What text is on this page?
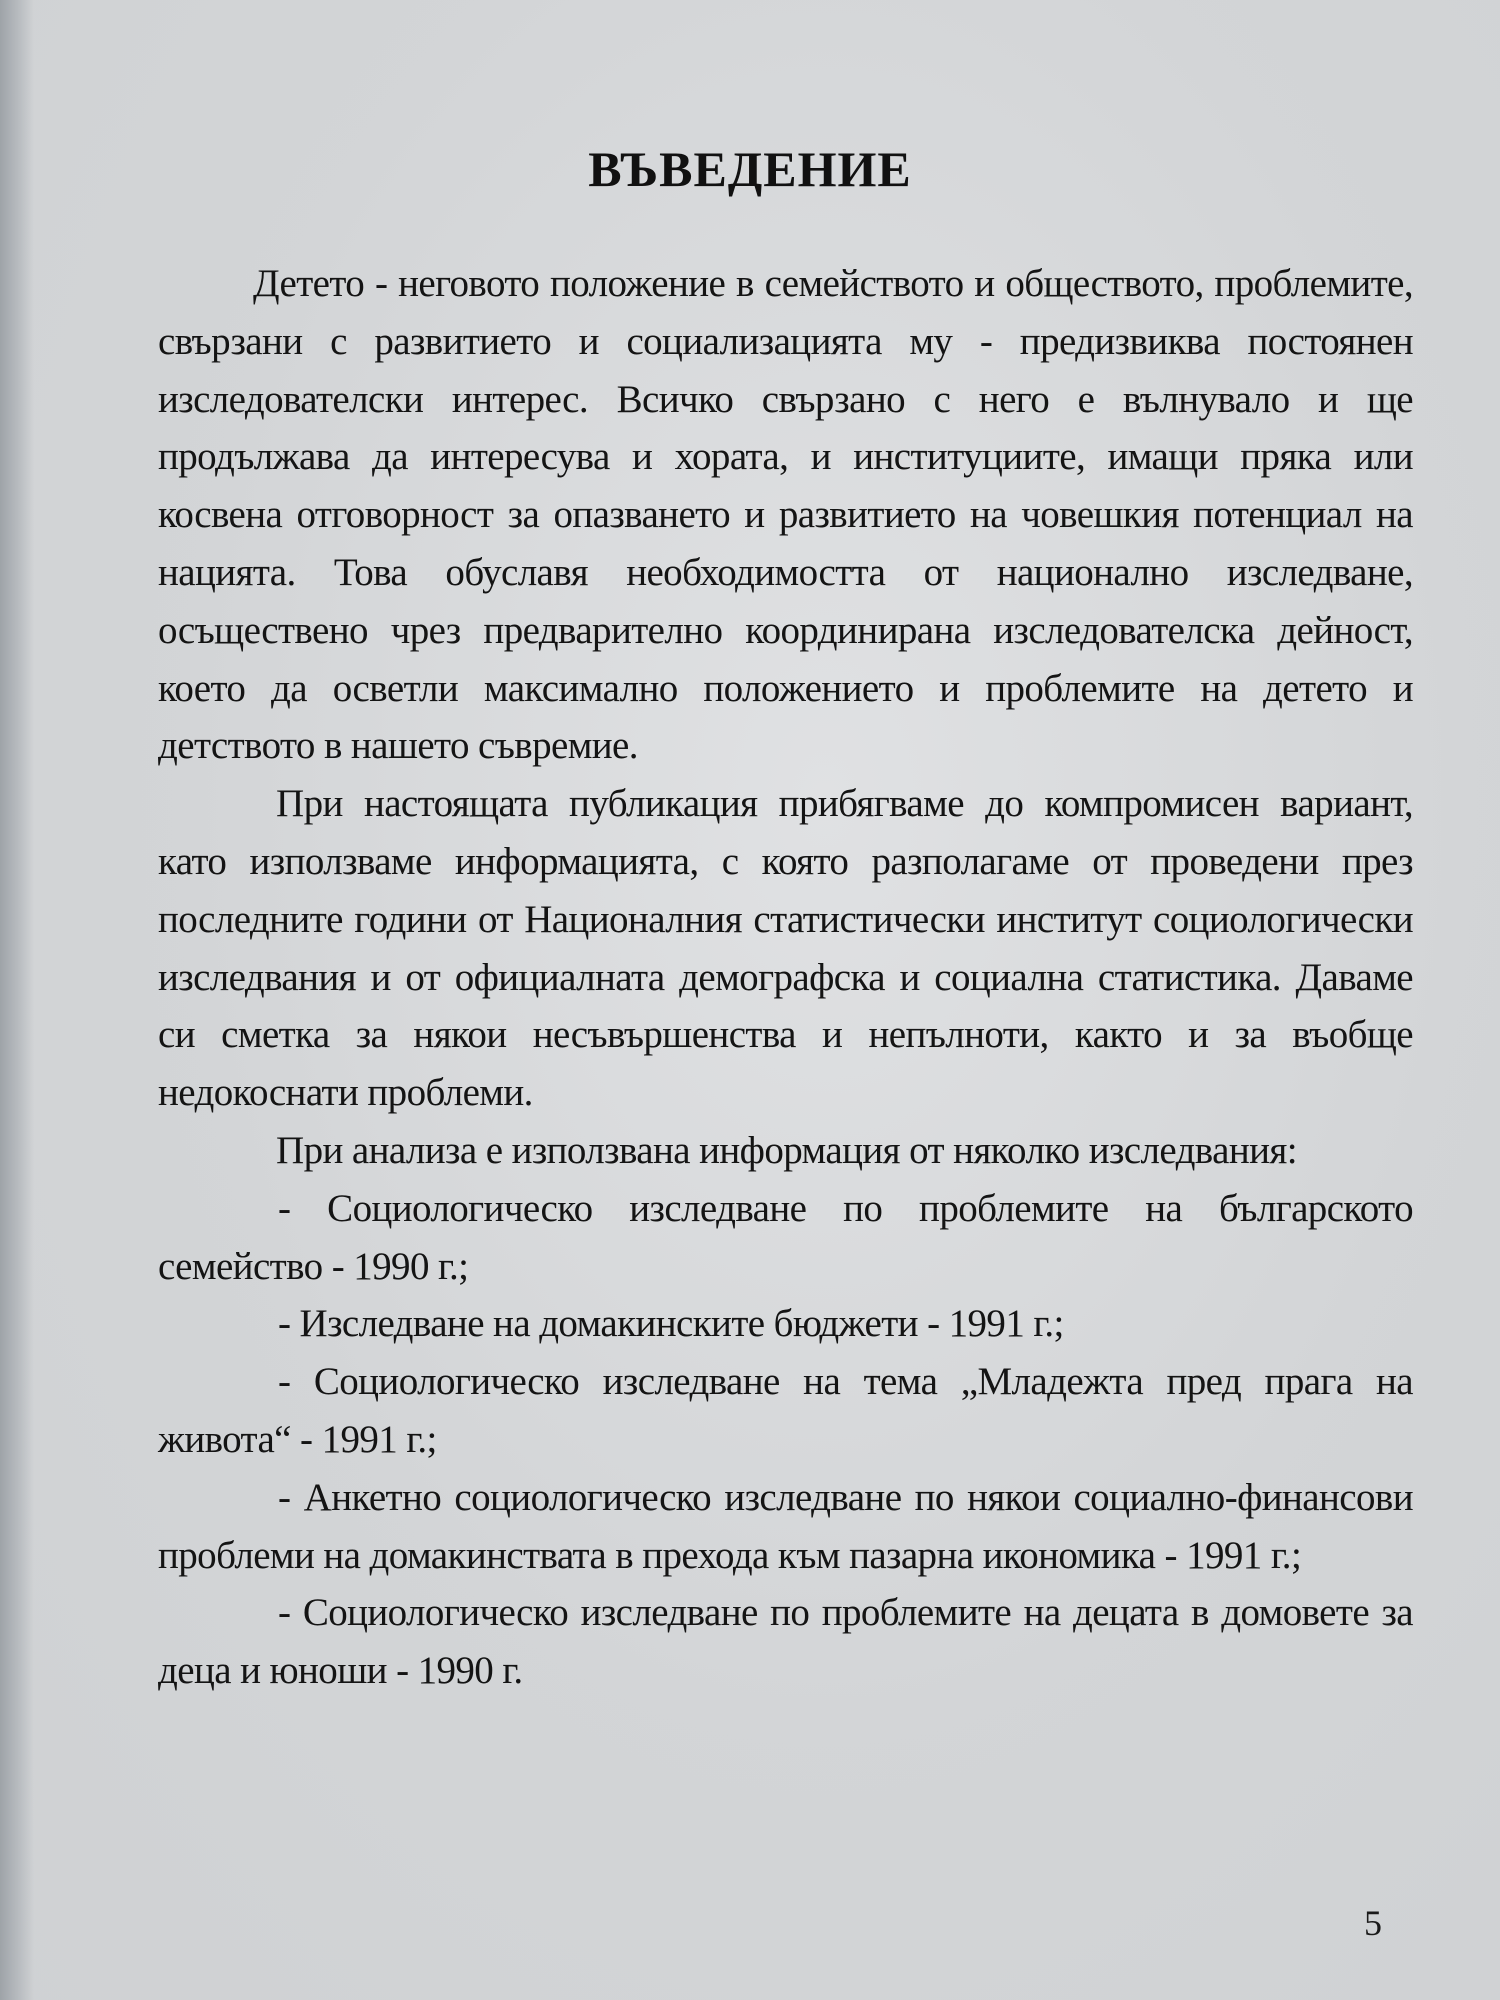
ВЪВЕДЕНИЕ

Детето - неговото положение в семейството и обществото, проблемите, свързани с развитието и социализацията му - предизвиква постоянен изследователски интерес. Всичко свързано с него е вълнувало и ще продължава да интересува и хората, и институциите, имащи пряка или косвена отговорност за опазването и развитието на човешкия потенциал на нацията. Това обуславя необходимостта от национално изследване, осъществено чрез предварително координирана изследователска дейност, което да осветли максимално положението и проблемите на детето и детството в нашето съвремие.

При настоящата публикация прибягваме до компромисен вариант, като използваме информацията, с която разполагаме от проведени през последните години от Националния статистически институт социологически изследвания и от официалната демографска и социална статистика. Даваме си сметка за някои несъвършенства и непълноти, както и за въобще недокоснати проблеми.

При анализа е използвана информация от няколко изследвания:

- Социологическо изследване по проблемите на българското семейство - 1990 г.;

- Изследване на домакинските бюджети - 1991 г.;

- Социологическо изследване на тема „Младежта пред прага на живота“ - 1991 г.;

- Анкетно социологическо изследване по някои социално-финансови проблеми на домакинствата в прехода към пазарна икономика - 1991 г.;

- Социологическо изследване по проблемите на децата в домовете за деца и юноши - 1990 г.

5
